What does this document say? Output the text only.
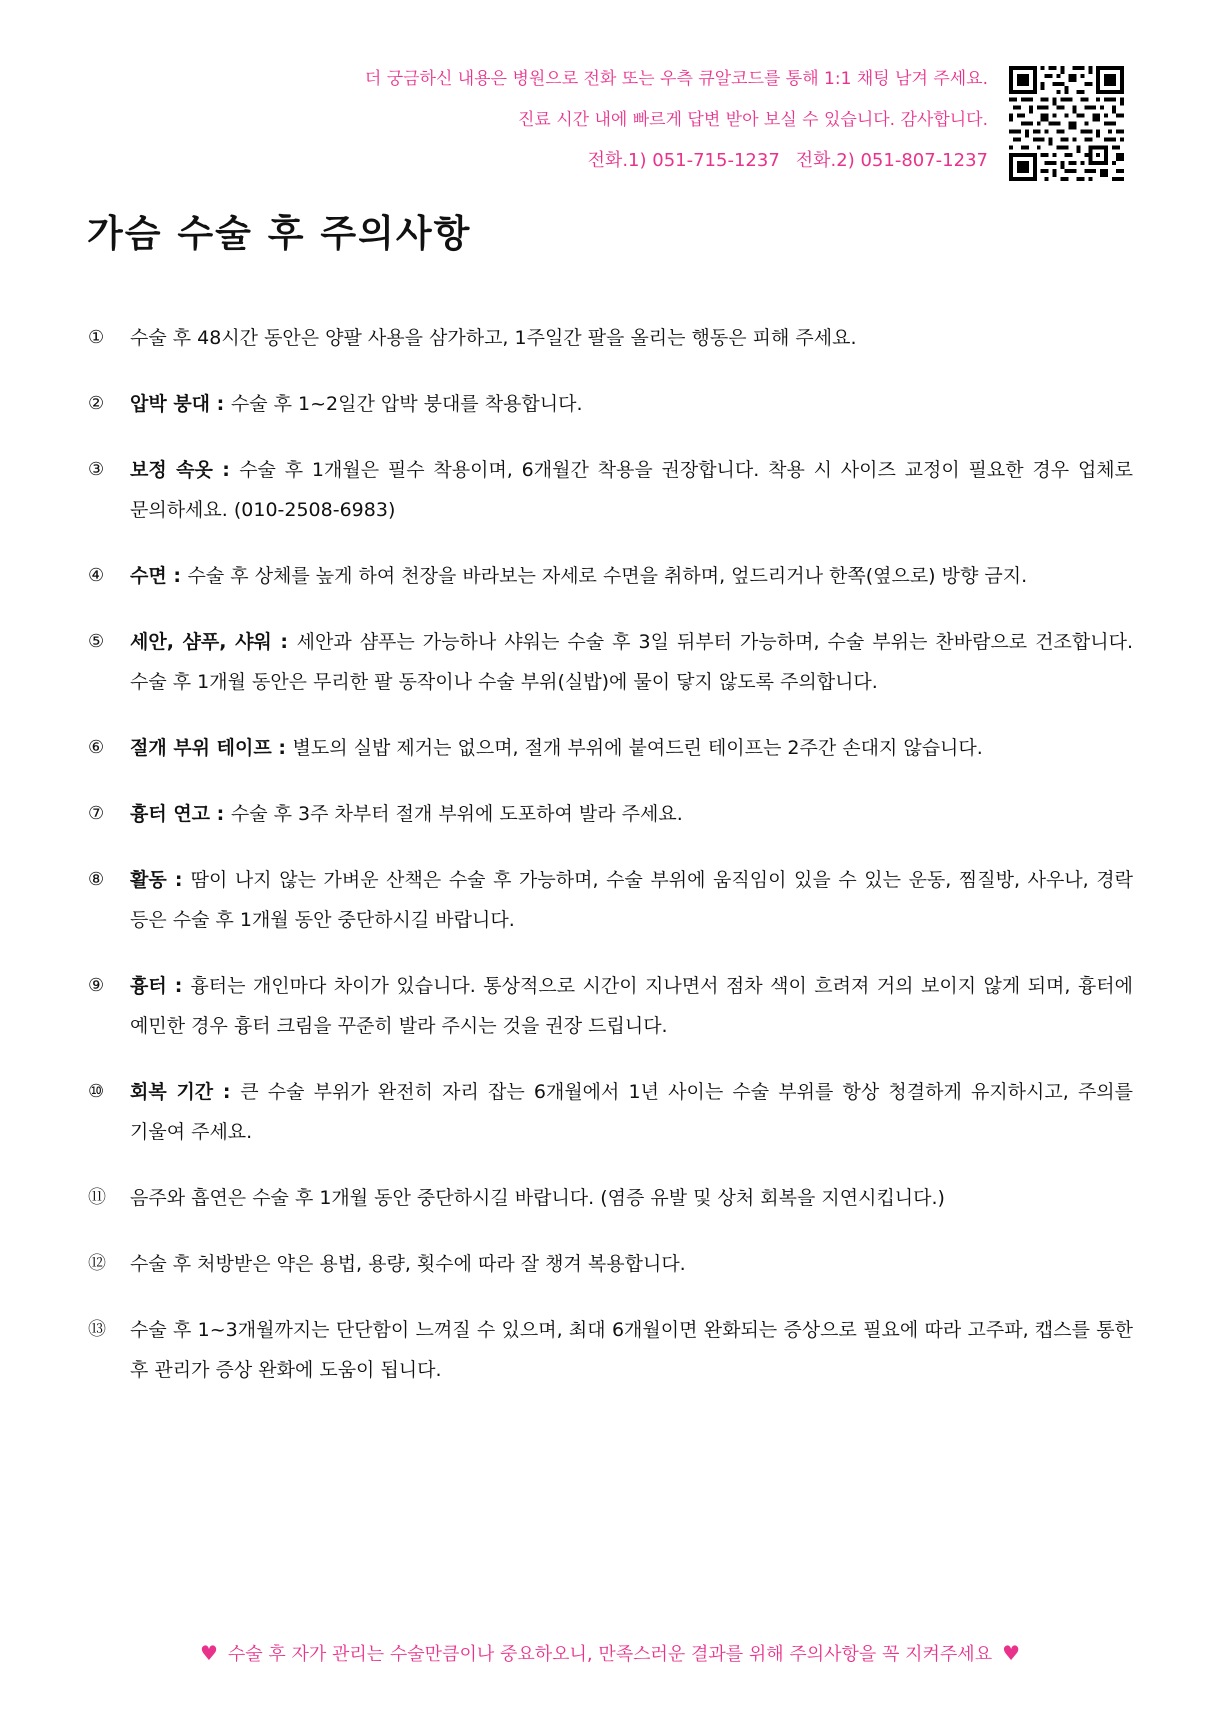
더 궁금하신 내용은 병원으로 전화 또는 우측 큐알코드를 통해 1:1 채팅 남겨 주세요.
진료 시간 내에 빠르게 답변 받아 보실 수 있습니다. 감사합니다.
전화.1) 051-715-1237 전화.2) 051-807-1237
가슴 수술 후 주의사항
①	수술 후 48시간 동안은 양팔 사용을 삼가하고, 1주일간 팔을 올리는 행동은 피해 주세요.
②	압박 붕대 : 수술 후 1~2일간 압박 붕대를 착용합니다.
③	보정 속옷 : 수술 후 1개월은 필수 착용이며, 6개월간 착용을 권장합니다. 착용 시 사이즈 교정이 필요한 경우 업체로 문의하세요. (010-2508-6983)
④	수면 : 수술 후 상체를 높게 하여 천장을 바라보는 자세로 수면을 취하며, 엎드리거나 한쪽(옆으로) 방향 금지.
⑤	세안, 샴푸, 샤워 : 세안과 샴푸는 가능하나 샤워는 수술 후 3일 뒤부터 가능하며, 수술 부위는 찬바람으로 건조합니다. 수술 후 1개월 동안은 무리한 팔 동작이나 수술 부위(실밥)에 물이 닿지 않도록 주의합니다.
⑥	절개 부위 테이프 : 별도의 실밥 제거는 없으며, 절개 부위에 붙여드린 테이프는 2주간 손대지 않습니다.
⑦	흉터 연고 : 수술 후 3주 차부터 절개 부위에 도포하여 발라 주세요.
⑧	활동 : 땀이 나지 않는 가벼운 산책은 수술 후 가능하며, 수술 부위에 움직임이 있을 수 있는 운동, 찜질방, 사우나, 경락 등은 수술 후 1개월 동안 중단하시길 바랍니다.
⑨	흉터 : 흉터는 개인마다 차이가 있습니다. 통상적으로 시간이 지나면서 점차 색이 흐려져 거의 보이지 않게 되며, 흉터에 예민한 경우 흉터 크림을 꾸준히 발라 주시는 것을 권장 드립니다.
⑩	회복 기간 : 큰 수술 부위가 완전히 자리 잡는 6개월에서 1년 사이는 수술 부위를 항상 청결하게 유지하시고, 주의를 기울여 주세요.
⑪	음주와 흡연은 수술 후 1개월 동안 중단하시길 바랍니다. (염증 유발 및 상처 회복을 지연시킵니다.)
⑫	수술 후 처방받은 약은 용법, 용량, 횟수에 따라 잘 챙겨 복용합니다.
⑬	수술 후 1~3개월까지는 단단함이 느껴질 수 있으며, 최대 6개월이면 완화되는 증상으로 필요에 따라 고주파, 캡스를 통한 후 관리가 증상 완화에 도움이 됩니다.
♥ 수술 후 자가 관리는 수술만큼이나 중요하오니, 만족스러운 결과를 위해 주의사항을 꼭 지켜주세요 ♥
